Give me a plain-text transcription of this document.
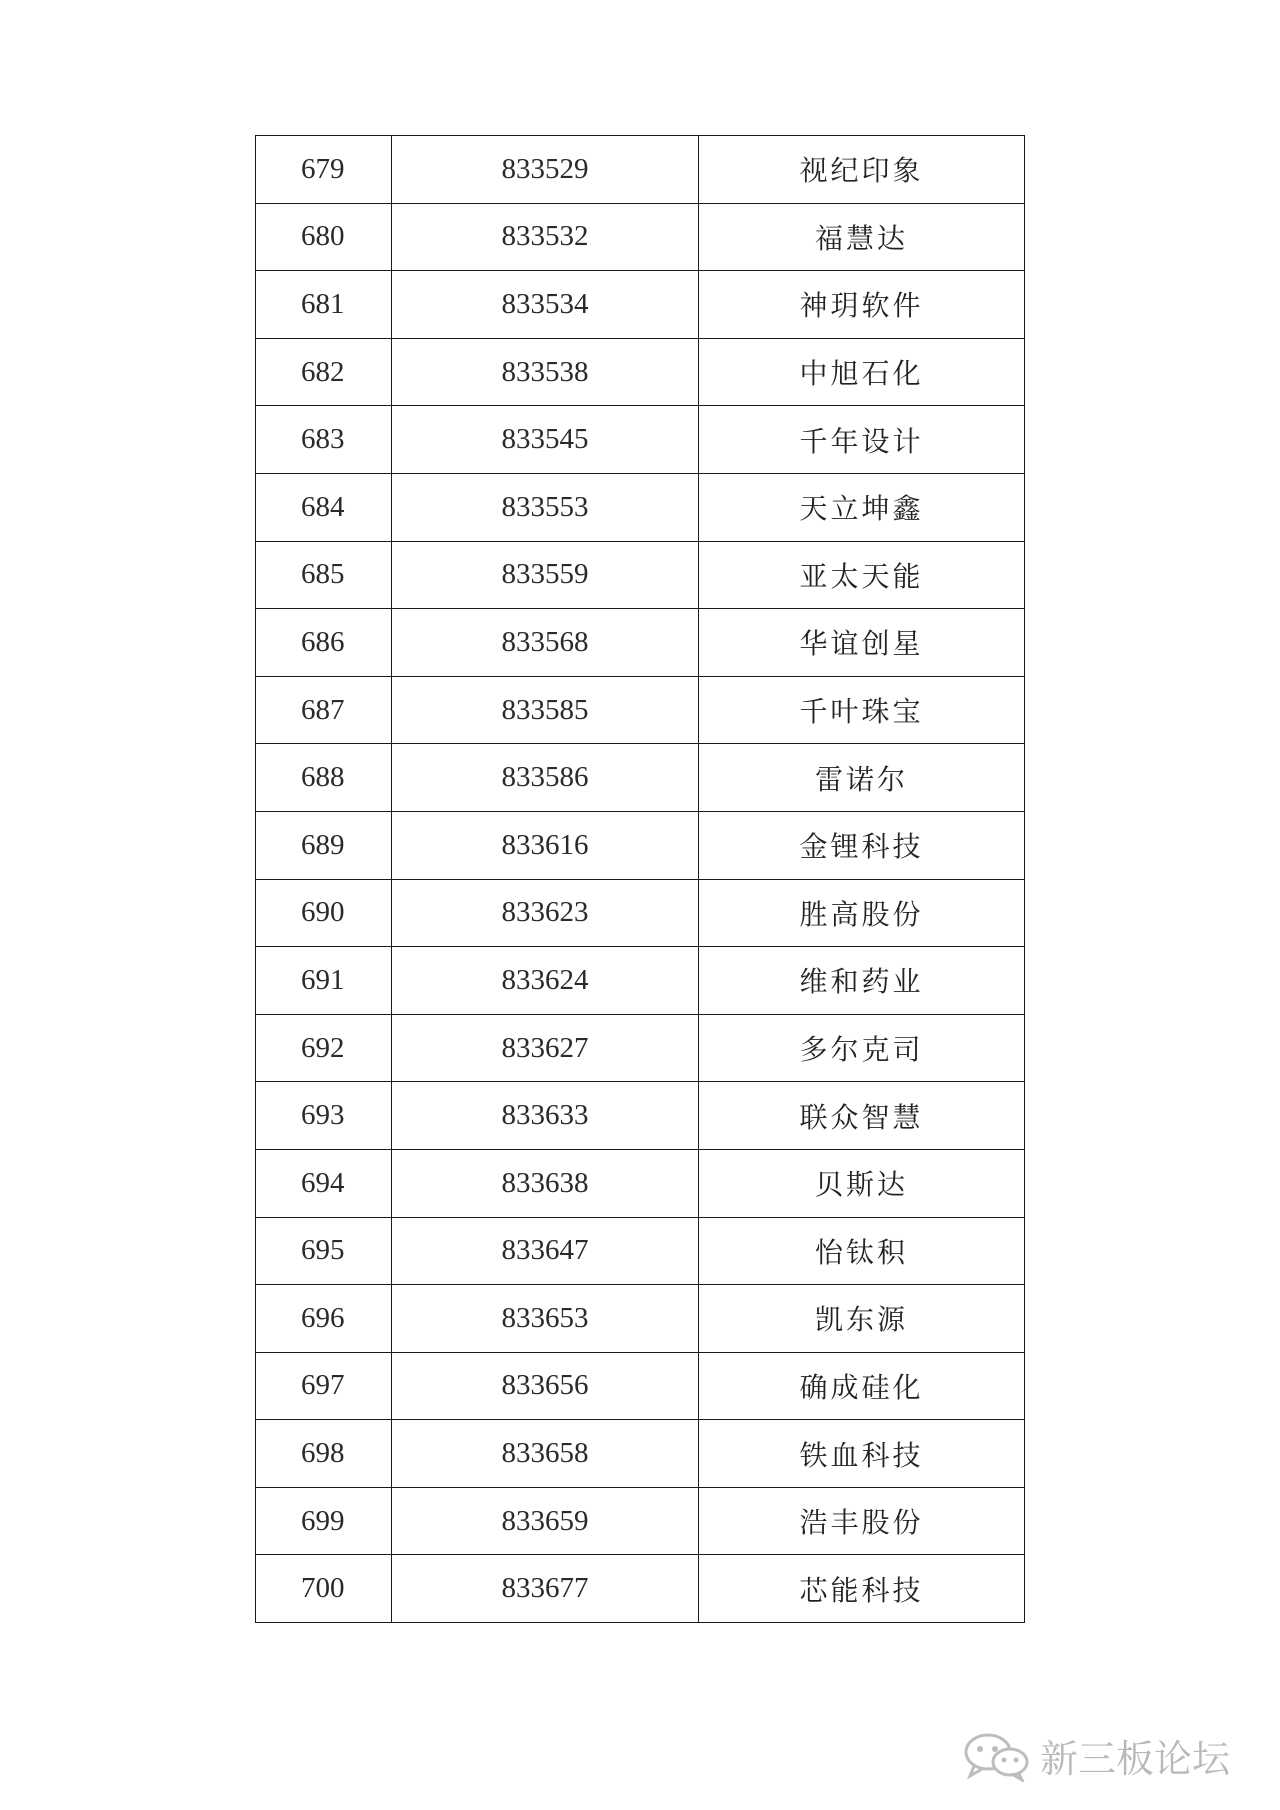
679	833529	视纪印象
680	833532	福慧达
681	833534	神玥软件
682	833538	中旭石化
683	833545	千年设计
684	833553	天立坤鑫
685	833559	亚太天能
686	833568	华谊创星
687	833585	千叶珠宝
688	833586	雷诺尔
689	833616	金锂科技
690	833623	胜高股份
691	833624	维和药业
692	833627	多尔克司
693	833633	联众智慧
694	833638	贝斯达
695	833647	怡钛积
696	833653	凯东源
697	833656	确成硅化
698	833658	铁血科技
699	833659	浩丰股份
700	833677	芯能科技
新三板论坛
